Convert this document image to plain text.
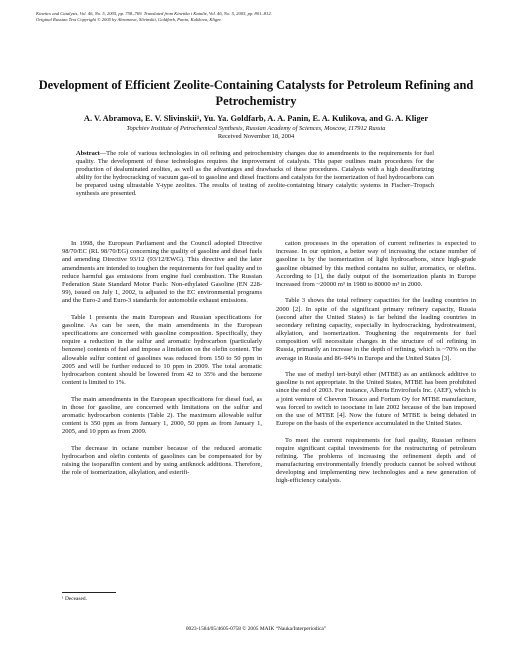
Kinetics and Catalysis, Vol. 46, No. 5, 2005, pp. 758–769. Translated from Kinetika i Kataliz, Vol. 46, No. 5, 2005, pp. 801–812.
Original Russian Text Copyright © 2005 by Abramova, Slivinskii, Goldfarb, Panin, Kulikova, Kliger.
Development of Efficient Zeolite-Containing Catalysts for Petroleum Refining and Petrochemistry
A. V. Abramova, E. V. Slivinskii¹, Yu. Ya. Goldfarb, A. A. Panin, E. A. Kulikova, and G. A. Kliger
Topchiev Institute of Petrochemical Synthesis, Russian Academy of Sciences, Moscow, 117912 Russia
Received November 18, 2004
Abstract—The role of various technologies in oil refining and petrochemistry changes due to amendments to the requirements for fuel quality. The development of these technologies requires the improvement of catalysts. This paper outlines main procedures for the production of dealuminated zeolites, as well as the advantages and drawbacks of these procedures. Catalysts with a high desulfurizing ability for the hydrocracking of vacuum gas-oil to gasoline and diesel fractions and catalysts for the isomerization of fuel hydrocarbons can be prepared using ultrastable Y-type zeolites. The results of testing of zeolite-containing binary catalytic systems in Fischer–Tropsch synthesis are presented.

In 1998, the European Parliament and the Council adopted Directive 98/70/EC (RL 98/70/EG) concerning the quality of gasoline and diesel fuels and amending Directive 93/12 (93/12/EWG). This directive and the later amendments are intended to toughen the requirements for fuel quality and to reduce harmful gas emissions from engine fuel combustion. The Russian Federation State Standard Motor Fuels: Non-ethylated Gasoline (EN 228-99), issued on July 1, 2002, is adjusted to the EC environmental programs and the Euro-2 and Euro-3 standards for automobile exhaust emissions.

Table 1 presents the main European and Russian specifications for gasoline. As can be seen, the main amendments in the European specifications are concerned with gasoline composition. Specifically, they require a reduction in the sulfur and aromatic hydrocarbon (particularly benzene) contents of fuel and impose a limitation on the olefin content. The allowable sulfur content of gasolines was reduced from 150 to 50 ppm in 2005 and will be further reduced to 10 ppm in 2009. The total aromatic hydrocarbon content should be lowered from 42 to 35% and the benzene content is limited to 1%.

The main amendments in the European specifications for diesel fuel, as in those for gasoline, are concerned with limitations on the sulfur and aromatic hydrocarbon contents (Table 2). The maximum allowable sulfur content is 350 ppm as from January 1, 2000, 50 ppm as from January 1, 2005, and 10 ppm as from 2009.

The decrease in octane number because of the reduced aromatic hydrocarbon and olefin contents of gasolines can be compensated for by raising the isoparaffin content and by using antiknock additions. Therefore, the role of isomerization, alkylation, and esterifi-

cation processes in the operation of current refineries is expected to increase. In our opinion, a better way of increasing the octane number of gasoline is by the isomerization of light hydrocarbons, since high-grade gasoline obtained by this method contains no sulfur, aromatics, or olefins. According to [1], the daily output of the isomerization plants in Europe increased from ~20000 m³ in 1980 to 80000 m³ in 2000.

Table 3 shows the total refinery capacities for the leading countries in 2000 [2]. In spite of the significant primary refinery capacity, Russia (second after the United States) is far behind the leading countries in secondary refining capacity, especially in hydrocracking, hydrotreatment, alkylation, and isomerization. Toughening the requirements for fuel composition will necessitate changes in the structure of oil refining in Russia, primarily an increase in the depth of refining, which is ~70% on the average in Russia and 86–94% in Europe and the United States [3].

The use of methyl tert-butyl ether (MTBE) as an antiknock additive to gasoline is not appropriate. In the United States, MTBE has been prohibited since the end of 2003. For instance, Alberta Envirofuels Inc. (AEF), which is a joint venture of Chevron Texaco and Fortum Oy for MTBE manufacture, was forced to switch to isooctane in late 2002 because of the ban imposed on the use of MTBE [4]. Now the future of MTBE is being debated in Europe on the basis of the experience accumulated in the United States.

To meet the current requirements for fuel quality, Russian refiners require significant capital investments for the restructuring of petroleum refining. The problems of increasing the refinement depth and of manufacturing environmentally friendly products cannot be solved without developing and implementing new technologies and a new generation of high-efficiency catalysts.

¹ Deceased.
0023-1584/05/4605-0758 © 2005 MAIK “Nauka/Interperiodica”
